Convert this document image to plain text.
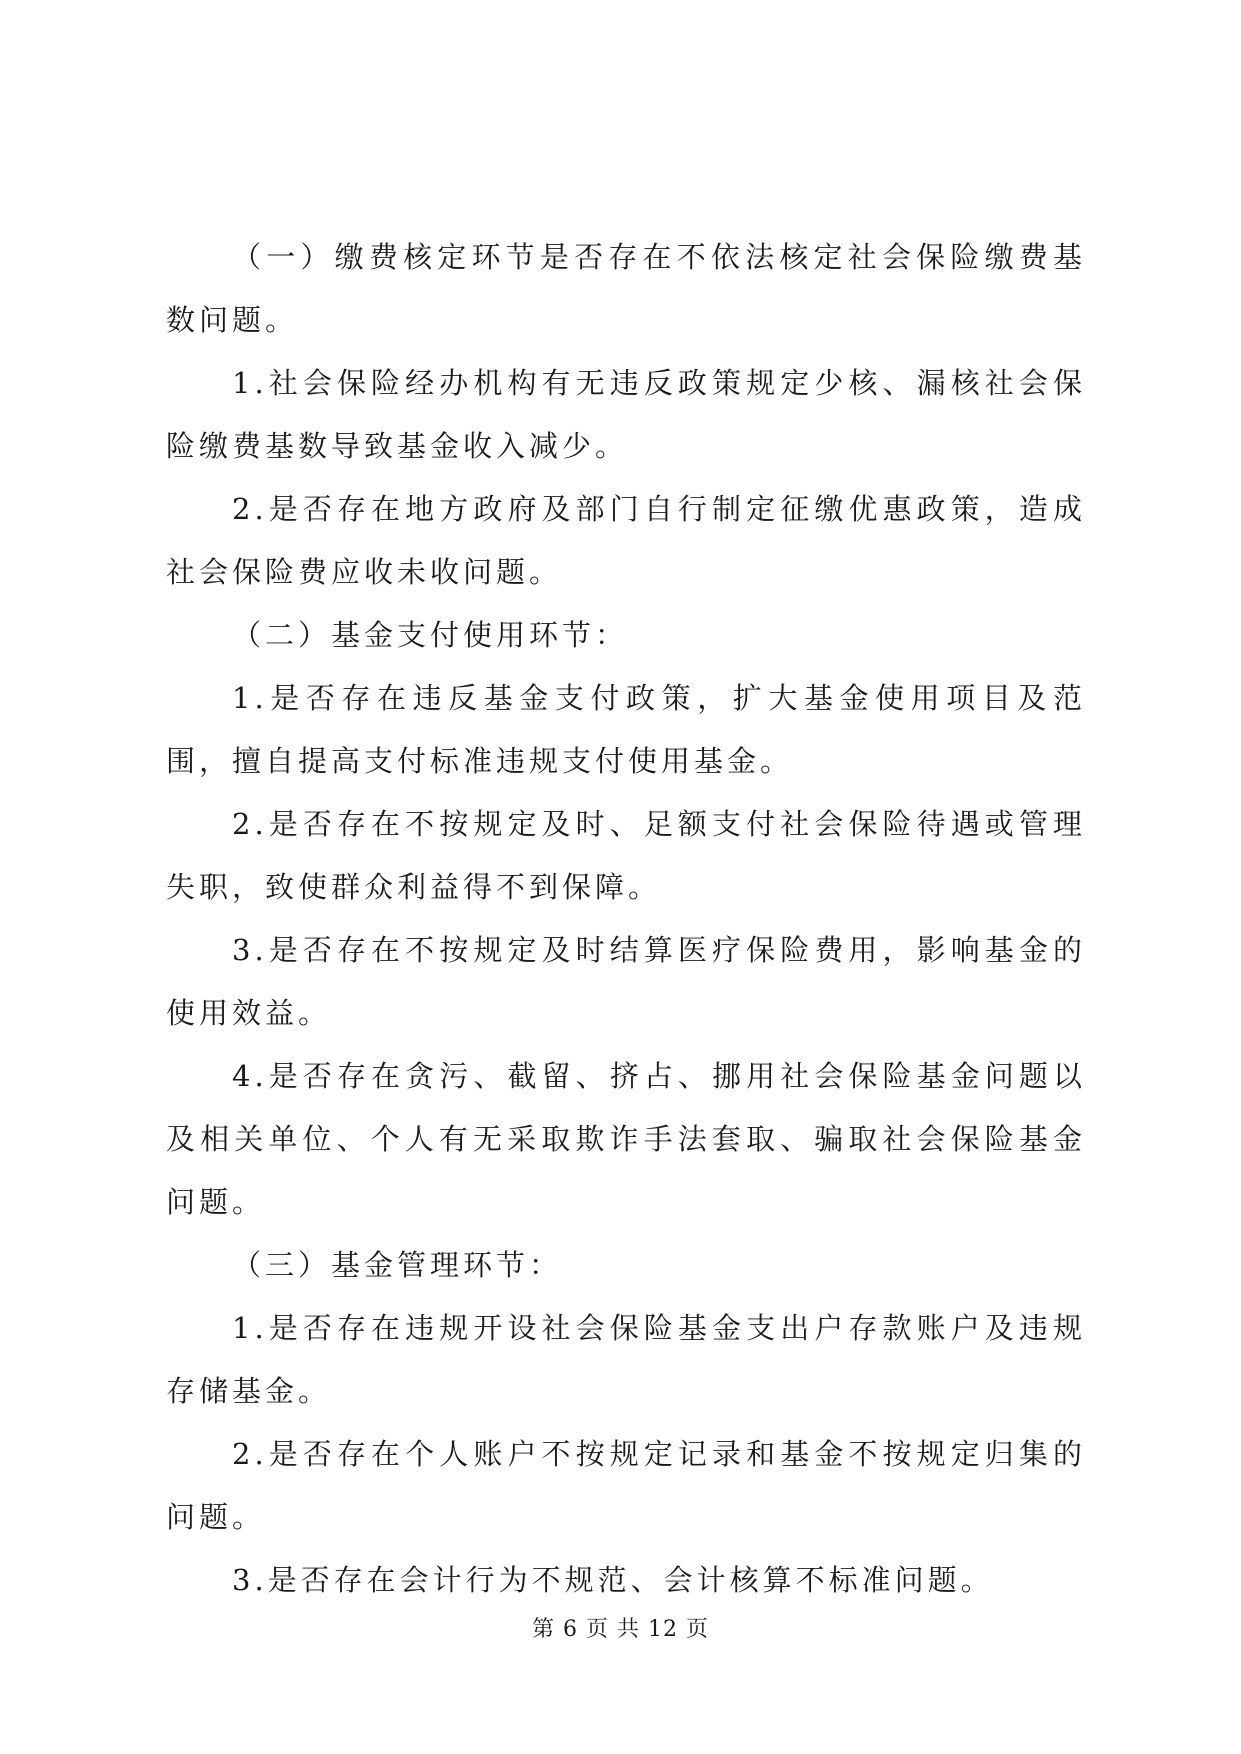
（一）缴费核定环节是否存在不依法核定社会保险缴费基数问题。

1.社会保险经办机构有无违反政策规定少核、漏核社会保险缴费基数导致基金收入减少。

2.是否存在地方政府及部门自行制定征缴优惠政策，造成社会保险费应收未收问题。

（二）基金支付使用环节：

1.是否存在违反基金支付政策，扩大基金使用项目及范围，擅自提高支付标准违规支付使用基金。

2.是否存在不按规定及时、足额支付社会保险待遇或管理失职，致使群众利益得不到保障。

3.是否存在不按规定及时结算医疗保险费用，影响基金的使用效益。

4.是否存在贪污、截留、挤占、挪用社会保险基金问题以及相关单位、个人有无采取欺诈手法套取、骗取社会保险基金问题。

（三）基金管理环节：

1.是否存在违规开设社会保险基金支出户存款账户及违规存储基金。

2.是否存在个人账户不按规定记录和基金不按规定归集的问题。

3.是否存在会计行为不规范、会计核算不标准问题。

第 6 页 共 12 页
